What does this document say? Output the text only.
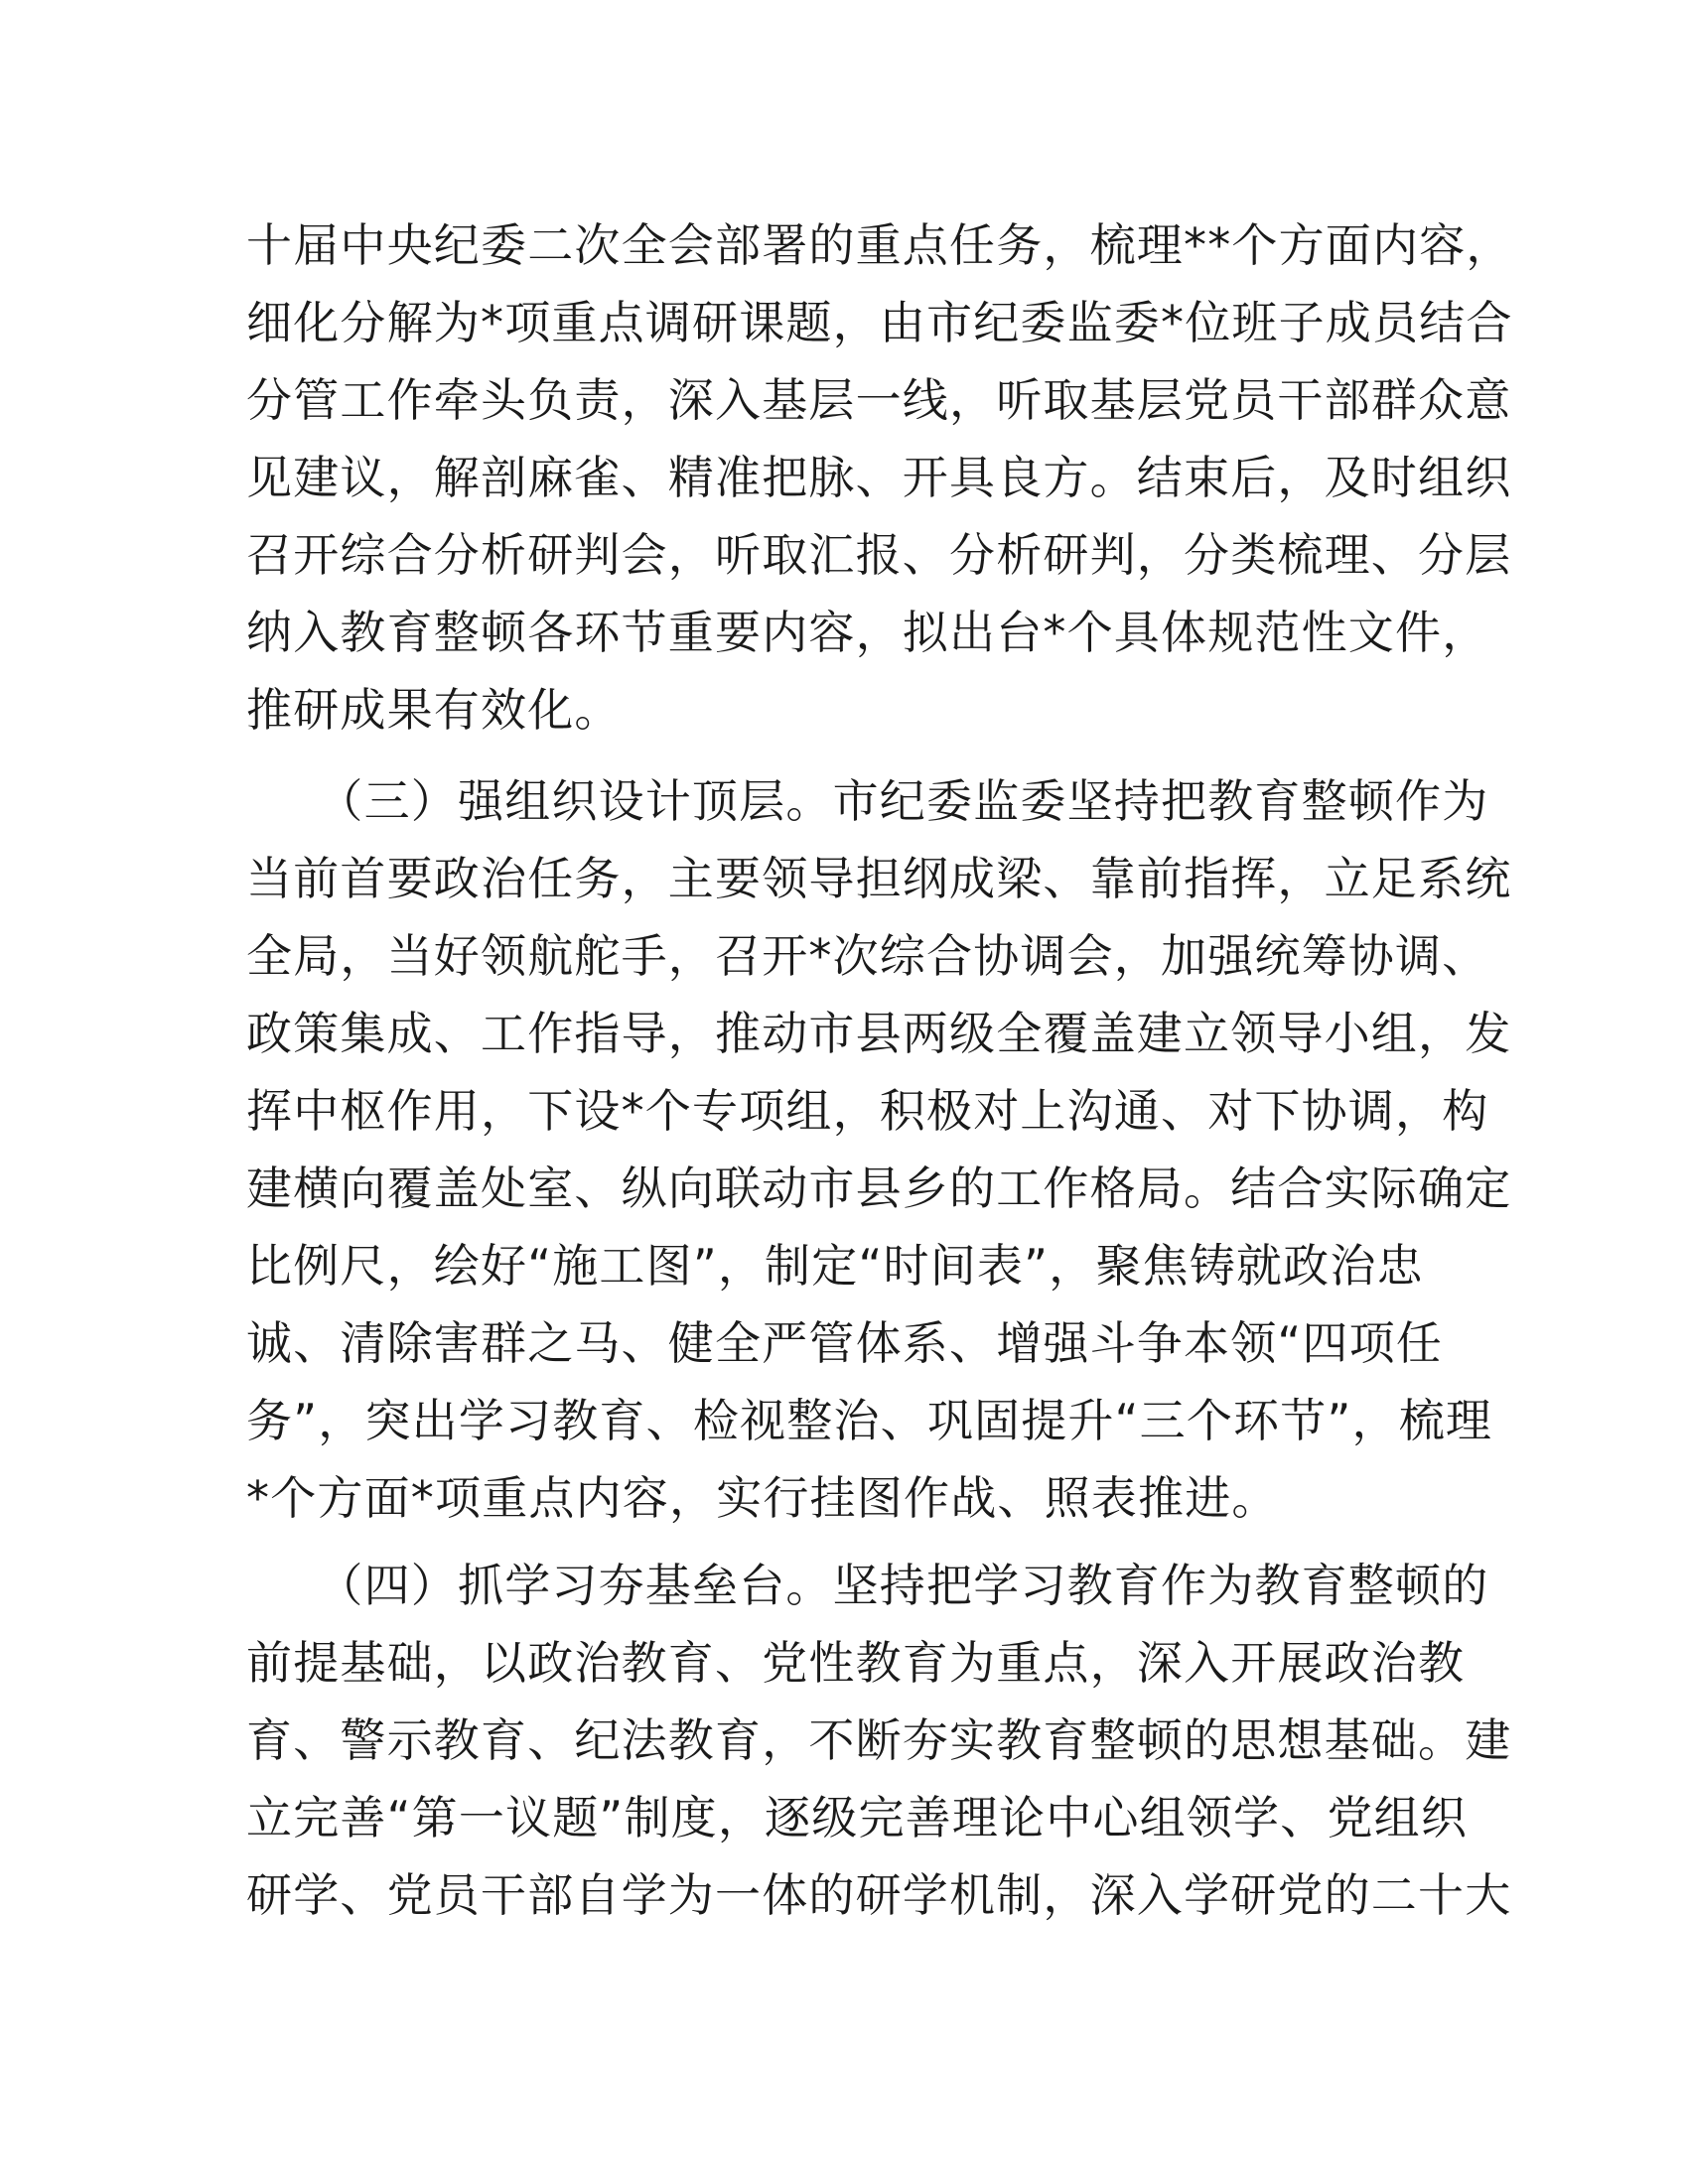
十届中央纪委二次全会部署的重点任务，梳理**个方面内容，
细化分解为*项重点调研课题，由市纪委监委*位班子成员结合
分管工作牵头负责，深入基层一线，听取基层党员干部群众意
见建议，解剖麻雀、精准把脉、开具良方。结束后，及时组织
召开综合分析研判会，听取汇报、分析研判，分类梳理、分层
纳入教育整顿各环节重要内容，拟出台*个具体规范性文件，
推研成果有效化。
　　（三）强组织设计顶层。市纪委监委坚持把教育整顿作为
当前首要政治任务，主要领导担纲成梁、靠前指挥，立足系统
全局，当好领航舵手，召开*次综合协调会，加强统筹协调、
政策集成、工作指导，推动市县两级全覆盖建立领导小组，发
挥中枢作用，下设*个专项组，积极对上沟通、对下协调，构
建横向覆盖处室、纵向联动市县乡的工作格局。结合实际确定
比例尺，绘好“施工图”，制定“时间表”，聚焦铸就政治忠
诚、清除害群之马、健全严管体系、增强斗争本领“四项任
务”，突出学习教育、检视整治、巩固提升“三个环节”，梳理
*个方面*项重点内容，实行挂图作战、照表推进。
　　（四）抓学习夯基垒台。坚持把学习教育作为教育整顿的
前提基础，以政治教育、党性教育为重点，深入开展政治教
育、警示教育、纪法教育，不断夯实教育整顿的思想基础。建
立完善“第一议题”制度，逐级完善理论中心组领学、党组织
研学、党员干部自学为一体的研学机制，深入学研党的二十大
